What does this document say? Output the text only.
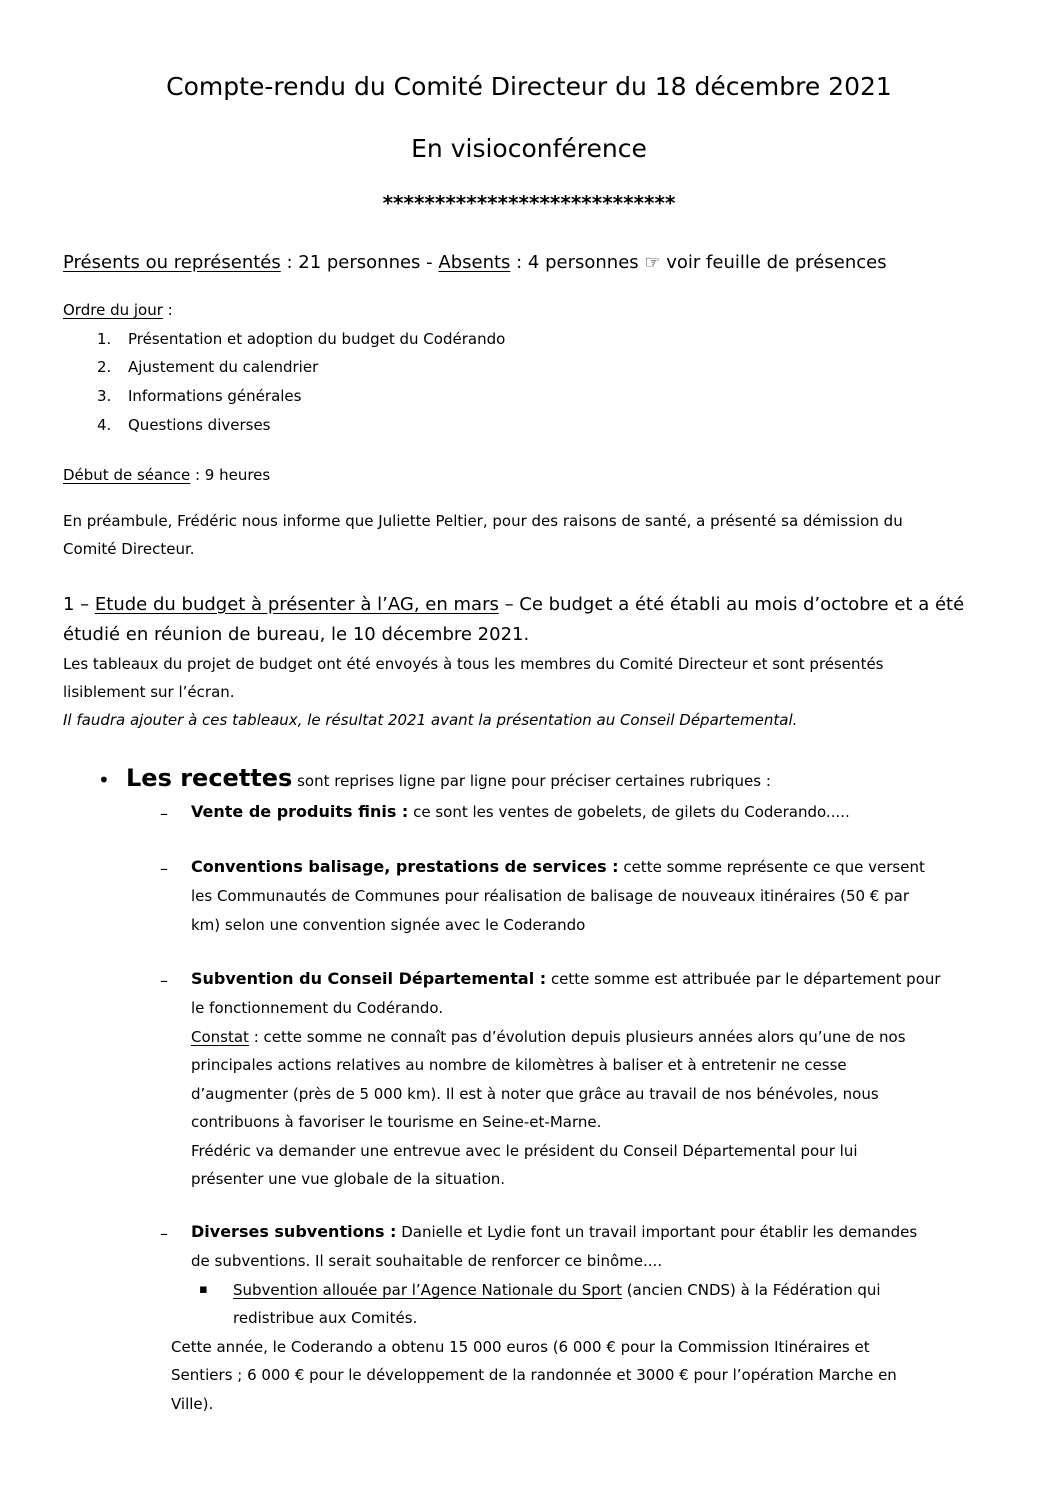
Compte-rendu du Comité Directeur du 18 décembre 2021
En visioconférence
****************************
Présents ou représentés : 21 personnes - Absents : 4 personnes ☞ voir feuille de présences
Ordre du jour :
1. Présentation et adoption du budget du Codérando
2. Ajustement du calendrier
3. Informations générales
4. Questions diverses
Début de séance : 9 heures
En préambule, Frédéric nous informe que Juliette Peltier, pour des raisons de santé, a présenté sa démission du
Comité Directeur.
1 – Etude du budget à présenter à l’AG, en mars – Ce budget a été établi au mois d’octobre et a été
étudié en réunion de bureau, le 10 décembre 2021.
Les tableaux du projet de budget ont été envoyés à tous les membres du Comité Directeur et sont présentés
lisiblement sur l’écran.
Il faudra ajouter à ces tableaux, le résultat 2021 avant la présentation au Conseil Départemental.
• Les recettes sont reprises ligne par ligne pour préciser certaines rubriques :
– Vente de produits finis : ce sont les ventes de gobelets, de gilets du Coderando.....
– Conventions balisage, prestations de services : cette somme représente ce que versent
les Communautés de Communes pour réalisation de balisage de nouveaux itinéraires (50 € par
km) selon une convention signée avec le Coderando
– Subvention du Conseil Départemental : cette somme est attribuée par le département pour
le fonctionnement du Codérando.
Constat : cette somme ne connaît pas d’évolution depuis plusieurs années alors qu’une de nos
principales actions relatives au nombre de kilomètres à baliser et à entretenir ne cesse
d’augmenter (près de 5 000 km). Il est à noter que grâce au travail de nos bénévoles, nous
contribuons à favoriser le tourisme en Seine-et-Marne.
Frédéric va demander une entrevue avec le président du Conseil Départemental pour lui
présenter une vue globale de la situation.
– Diverses subventions : Danielle et Lydie font un travail important pour établir les demandes
de subventions. Il serait souhaitable de renforcer ce binôme....
▪ Subvention allouée par l’Agence Nationale du Sport (ancien CNDS) à la Fédération qui
redistribue aux Comités.
Cette année, le Coderando a obtenu 15 000 euros (6 000 € pour la Commission Itinéraires et
Sentiers ; 6 000 € pour le développement de la randonnée et 3000 € pour l’opération Marche en
Ville).
